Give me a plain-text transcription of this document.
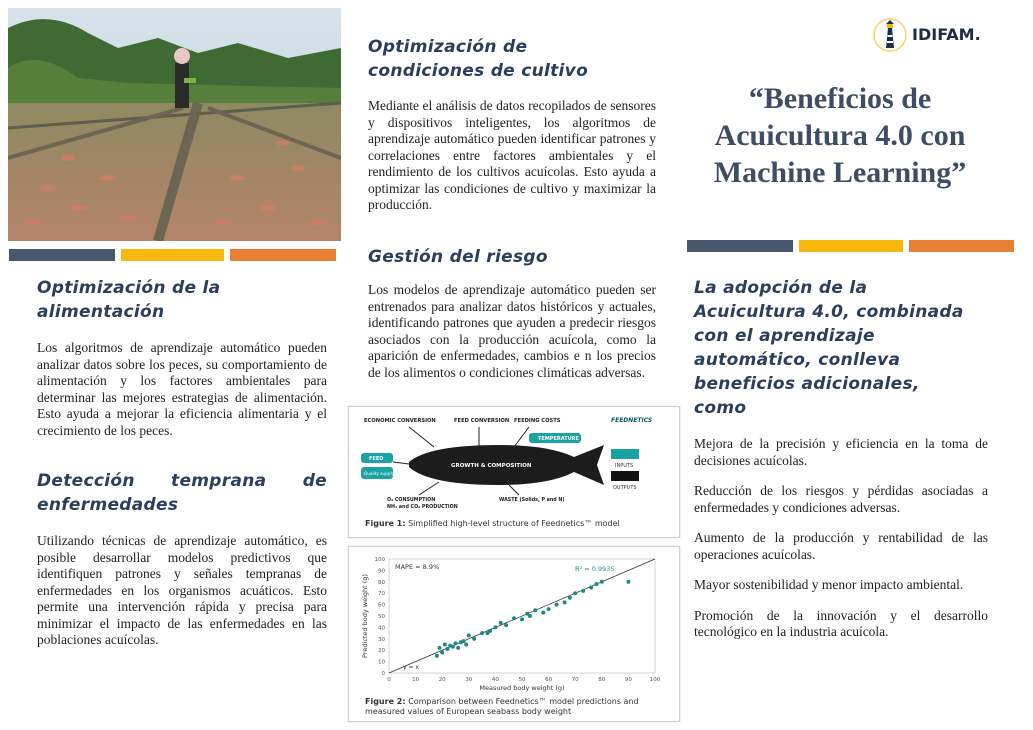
Optimización de la
alimentación

Los algoritmos de aprendizaje automático pueden analizar datos sobre los peces, su comportamiento de alimentación y los factores ambientales para determinar las mejores estrategias de alimentación. Esto ayuda a mejorar la eficiencia alimentaria y el crecimiento de los peces.

Detección temprana de

enfermedades

Utilizando técnicas de aprendizaje automático, es posible desarrollar modelos predictivos que identifiquen patrones y señales tempranas de enfermedades en los organismos acuáticos. Esto permite una intervención rápida y precisa para minimizar el impacto de las enfermedades en las poblaciones acuícolas.

Optimización de
condiciones de cultivo

Mediante el análisis de datos recopilados de sensores y dispositivos inteligentes, los algoritmos de aprendizaje automático pueden identificar patrones y correlaciones entre factores ambientales y el rendimiento de los cultivos acuícolas. Esto ayuda a optimizar las condiciones de cultivo y maximizar la producción.

Gestión del riesgo

Los modelos de aprendizaje automático pueden ser entrenados para analizar datos históricos y actuales, identificando patrones que ayuden a predecir riesgos asociados con la producción acuícola, como la aparición de enfermedades, cambios e n los precios de los alimentos o condiciones climáticas adversas.

ECONOMIC CONVERSION	FEED CONVERSION FEEDING COSTS	FEEDNETICS
GROWTH & COMPOSITION
TEMPERATURE
FEED
Quality supply
O₂ CONSUMPTION
NH₄ and CO₂ PRODUCTION
WASTE (Solids, P and N)
INPUTS
OUTPUTS
Figure 1: Simplified high-level structure of Feednetics™ model
0
10
20
30
40
50
60
70
80
90
100
0	10	20	30	40	50	60	70	80	90	100
MAPE = 8.9%	R² = 0.9935
y = x
Measured body weight (g)
Predicted body weight (g)
Figure 2: Comparison between Feednetics™ model predictions and measured values of European seabass body weight
IDIFAM.

“Beneficios de
Acuicultura 4.0 con
Machine Learning”

La adopción de la
Acuicultura 4.0, combinada
con el aprendizaje
automático, conlleva
beneficios adicionales,
como

Mejora de la precisión y eficiencia en la toma de decisiones acuícolas.

Reducción de los riesgos y pérdidas asociadas a enfermedades y condiciones adversas.

Aumento de la producción y rentabilidad de las operaciones acuícolas.

Mayor sostenibilidad y menor impacto ambiental.

Promoción de la innovación y el desarrollo tecnológico en la industria acuícola.
